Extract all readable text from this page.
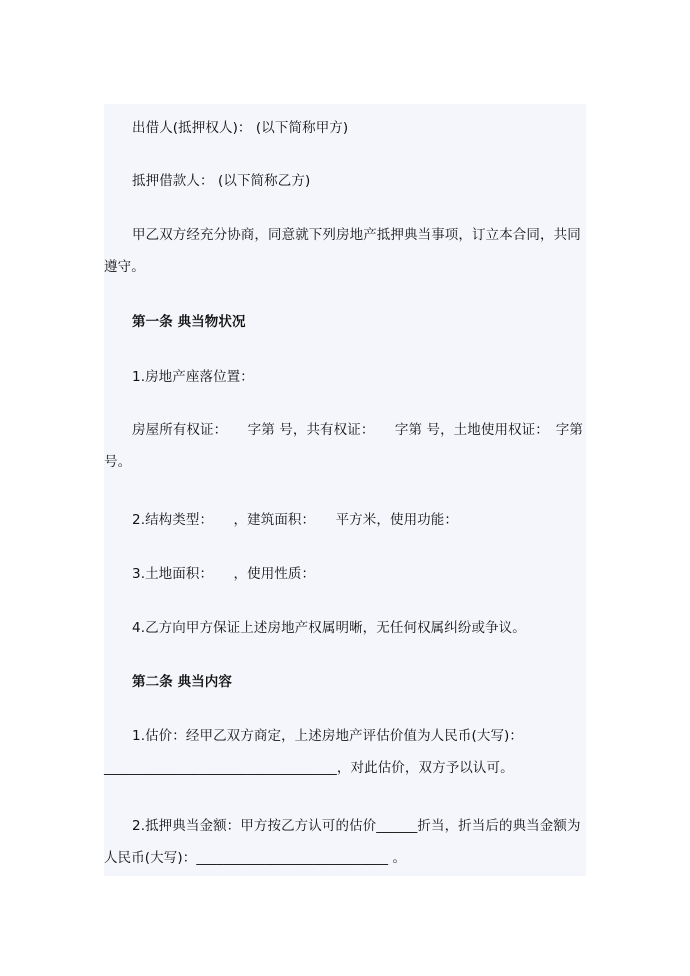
出借人(抵押权人)： (以下简称甲方)

抵押借款人： (以下简称乙方)

甲乙双方经充分协商，同意就下列房地产抵押典当事项，订立本合同，共同遵守。

第一条 典当物状况

1.房地产座落位置：

房屋所有权证：　　字第 号，共有权证：　　字第 号，土地使用权证：　字第 号。

2.结构类型：　　，建筑面积：　　平方米，使用功能：

3.土地面积：　　，使用性质：

4.乙方向甲方保证上述房地产权属明晰，无任何权属纠纷或争议。

第二条 典当内容

1.估价：经甲乙双方商定，上述房地产评估价值为人民币(大写)：__________________________________，对此估价，双方予以认可。

2.抵押典当金额：甲方按乙方认可的估价______折当，折当后的典当金额为人民币(大写)：____________________________ 。
